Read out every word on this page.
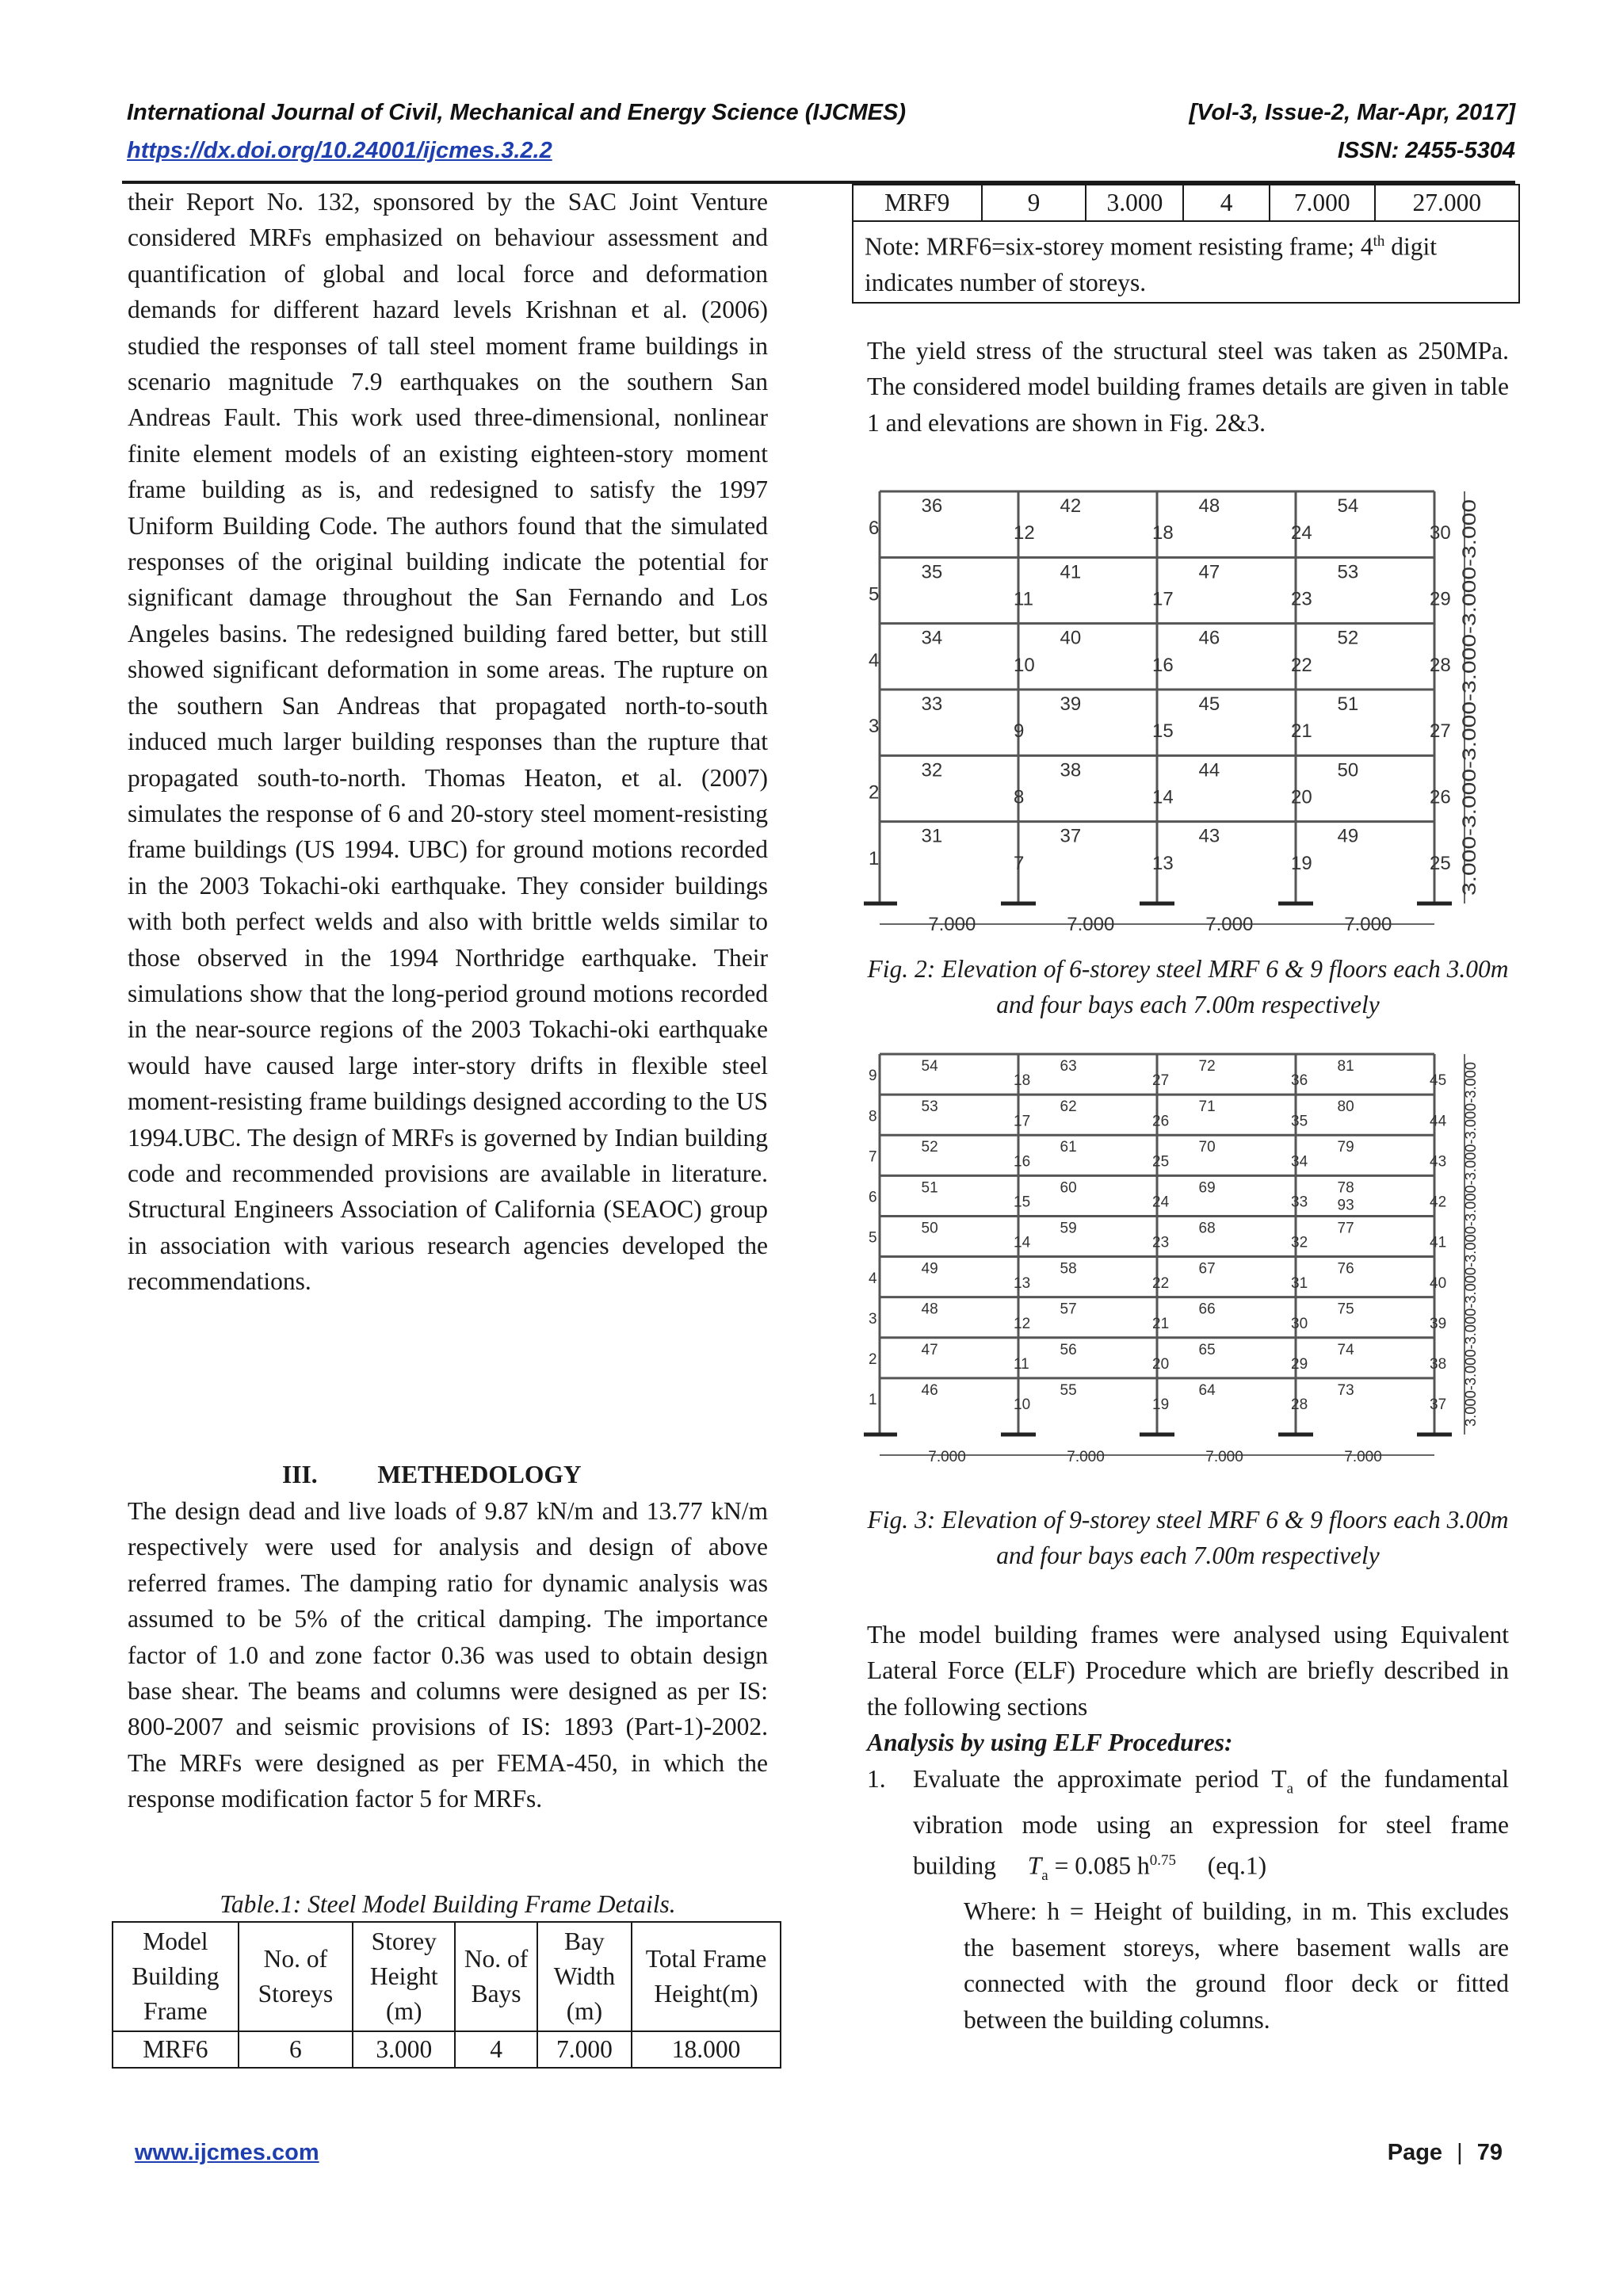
International Journal of Civil, Mechanical and Energy Science (IJCMES)	[Vol-3, Issue-2, Mar-Apr, 2017]
https://dx.doi.org/10.24001/ijcmes.3.2.2	ISSN: 2455-5304

their Report No. 132, sponsored by the SAC Joint Venture considered MRFs emphasized on behaviour assessment and quantification of global and local force and deformation demands for different hazard levels Krishnan et al. (2006) studied the responses of tall steel moment frame buildings in scenario magnitude 7.9 earthquakes on the southern San Andreas Fault. This work used three-dimensional, nonlinear finite element models of an existing eighteen-story moment frame building as is, and redesigned to satisfy the 1997 Uniform Building Code. The authors found that the simulated responses of the original building indicate the potential for significant damage throughout the San Fernando and Los Angeles basins. The redesigned building fared better, but still showed significant deformation in some areas. The rupture on the southern San Andreas that propagated north-to-south induced much larger building responses than the rupture that propagated south-to-north. Thomas Heaton, et al. (2007) simulates the response of 6 and 20-story steel moment-resisting frame buildings (US 1994. UBC) for ground motions recorded in the 2003 Tokachi-oki earthquake. They consider buildings with both perfect welds and also with brittle welds similar to those observed in the 1994 Northridge earthquake. Their simulations show that the long-period ground motions recorded in the near-source regions of the 2003 Tokachi-oki earthquake would have caused large inter-story drifts in flexible steel moment-resisting frame buildings designed according to the US 1994.UBC. The design of MRFs is governed by Indian building code and recommended provisions are available in literature. Structural Engineers Association of California (SEAOC) group in association with various research agencies developed the recommendations.

III. METHEDOLOGY

The design dead and live loads of 9.87 kN/m and 13.77 kN/m respectively were used for analysis and design of above referred frames. The damping ratio for dynamic analysis was assumed to be 5% of the critical damping. The importance factor of 1.0 and zone factor 0.36 was used to obtain design base shear. The beams and columns were designed as per IS: 800-2007 and seismic provisions of IS: 1893 (Part-1)-2002. The MRFs were designed as per FEMA-450, in which the response modification factor 5 for MRFs.

Table.1: Steel Model Building Frame Details.
Model Building Frame	No. of Storeys	Storey Height (m)	No. of Bays	Bay Width (m)	Total Frame Height(m)
MRF6	6	3.000	4	7.000	18.000
MRF9	9	3.000	4	7.000	27.000
Note: MRF6=six-storey moment resisting frame; 4th digit indicates number of storeys.

The yield stress of the structural steel was taken as 250MPa. The considered model building frames details are given in table 1 and elevations are shown in Fig. 2&3.

1
31
7
37
13
43
19
49
25
2
32
8
38
14
44
20
50
26
3
33
9
39
15
45
21
51
27
4
34
10
40
16
46
22
52
28
5
35
11
41
17
47
23
53
29
6
36
12
42
18
48
24
54
30
7.000	7.000	7.000	7.000
3.000-3.000-3.000-3.000-3.000-3.000
Fig. 2: Elevation of 6-storey steel MRF 6 & 9 floors each 3.00m and four bays each 7.00m respectively
1
46
10
55
19
64
28
73
37
2
47
11
56
20
65
29
74
38
3
48
12
57
21
66
30
75
39
4
49
13
58
22
67
31
76
40
5
50
14
59
23
68
32
77
41
6
51
15
60
24
69
33
78
42
7
52
16
61
25
70
34
79
43
8
53
17
62
26
71
35
80
44
9
54
18
63
27
72
36
81
45
7.000	7.000	7.000	7.000
3.000-3.000-3.000-3.000-3.000-3.000-3.000-3.000-3.000
93
Fig. 3: Elevation of 9-storey steel MRF 6 & 9 floors each 3.00m and four bays each 7.00m respectively

The model building frames were analysed using Equivalent Lateral Force (ELF) Procedure which are briefly described in the following sections

Analysis by using ELF Procedures:
1. Evaluate the approximate period $T_a$ of the fundamental vibration mode using an expression for steel frame building $T_a = 0.085$ $h^{0.75}$ (eq.1)

Where: h = Height of building, in m. This excludes the basement storeys, where basement walls are connected with the ground floor deck or fitted between the building columns.

www.ijcmes.com	Page | 79
